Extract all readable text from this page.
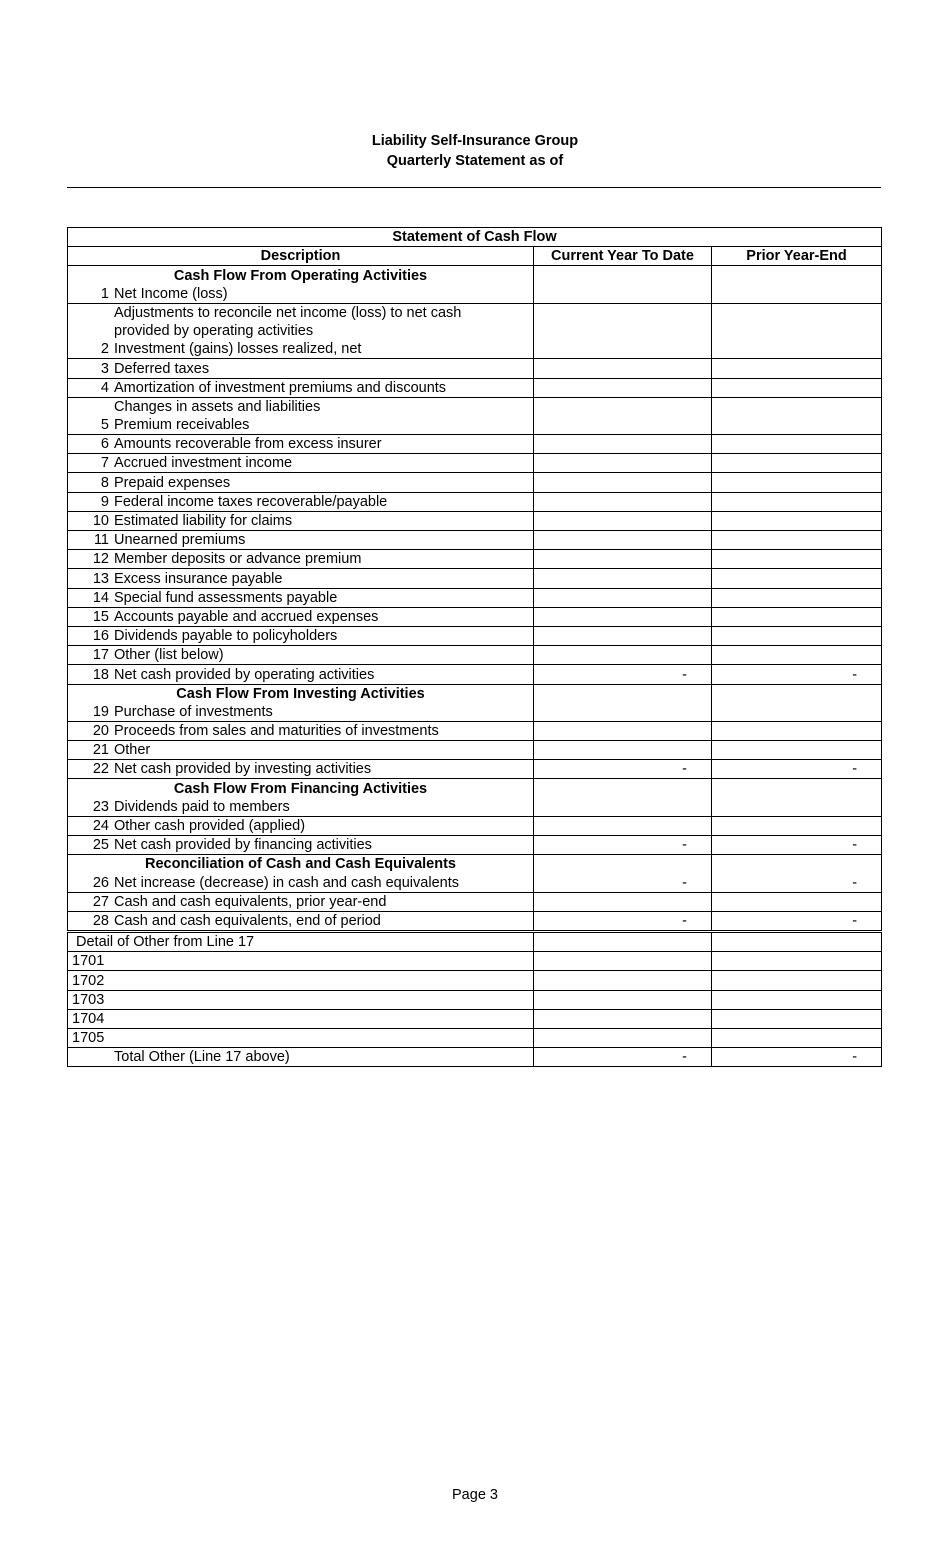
Liability Self-Insurance Group
Quarterly Statement as of
Statement of Cash Flow		
Description	Current Year To Date	Prior Year-End
Cash Flow From Operating Activities		
1 Net Income (loss)		
Adjustments to reconcile net income (loss) to net cash		
provided by operating activities		
2 Investment (gains) losses realized, net		
3 Deferred taxes		
4 Amortization of investment premiums and discounts		
Changes in assets and liabilities		
5 Premium receivables		
6 Amounts recoverable from excess insurer		
7 Accrued investment income		
8 Prepaid expenses		
9 Federal income taxes recoverable/payable		
10 Estimated liability for claims		
11 Unearned premiums		
12 Member deposits or advance premium		
13 Excess insurance payable		
14 Special fund assessments payable		
15 Accounts payable and accrued expenses		
16 Dividends payable to policyholders		
17 Other (list below)		
18 Net cash provided by operating activities	-	-
Cash Flow From Investing Activities		
19 Purchase of investments		
20 Proceeds from sales and maturities of investments		
21 Other		
22 Net cash provided by investing activities	-	-
Cash Flow From Financing Activities		
23 Dividends paid to members		
24 Other cash provided (applied)		
25 Net cash provided by financing activities	-	-
Reconciliation of Cash and Cash Equivalents		
26 Net increase (decrease) in cash and cash equivalents	-	-
27 Cash and cash equivalents, prior year-end		
28 Cash and cash equivalents, end of period	-	-
Detail of Other from Line 17		
1701		
1702		
1703		
1704		
1705		
Total Other (Line 17 above)	-	-
Page 3
